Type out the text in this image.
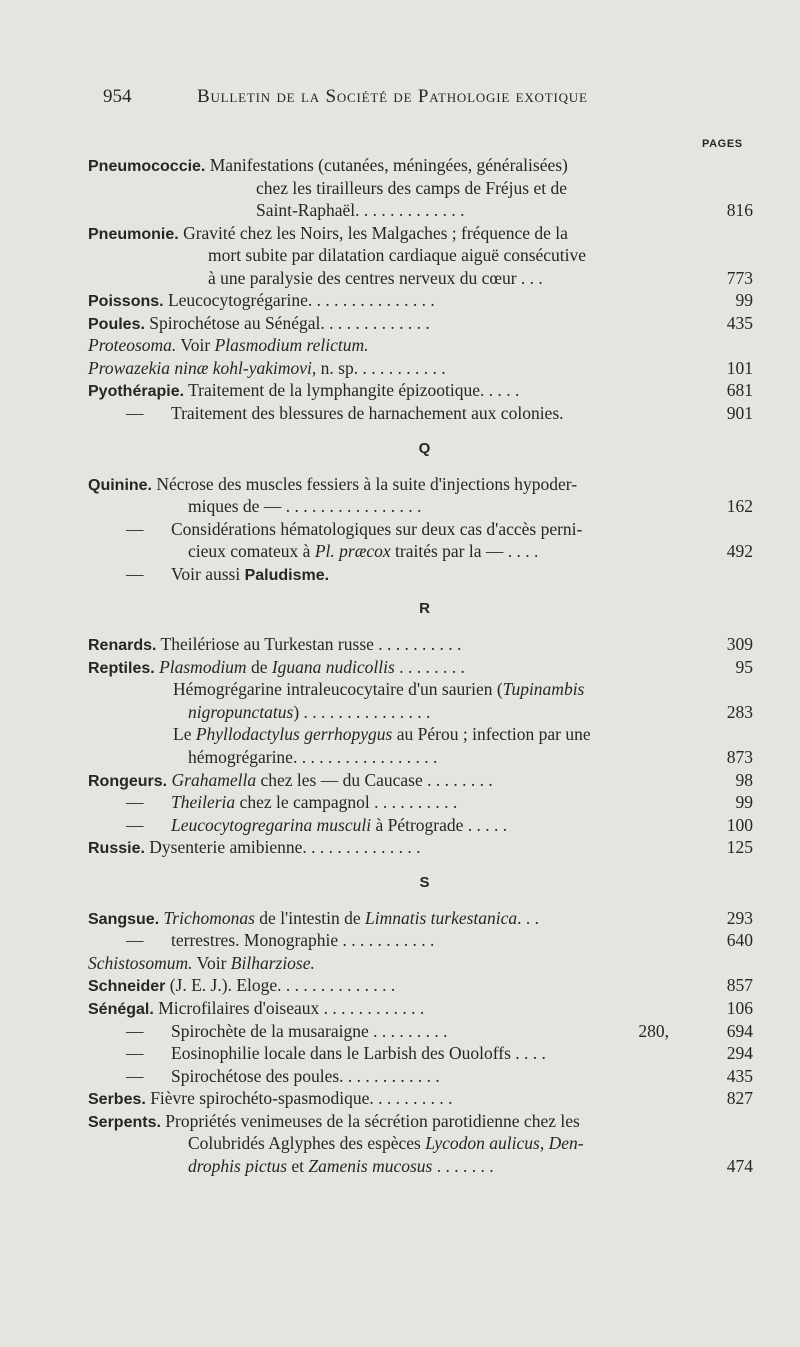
954	Bulletin de la Société de Pathologie exotique
PAGES
Pneumococcie. Manifestations (cutanées, méningées, généralisées)
chez les tirailleurs des camps de Fréjus et de
Saint-Raphaël. . . . . . . . . . . . .	816
Pneumonie. Gravité chez les Noirs, les Malgaches ; fréquence de la
mort subite par dilatation cardiaque aiguë consécutive
à une paralysie des centres nerveux du cœur . . .	773
Poissons. Leucocytogrégarine. . . . . . . . . . . . . . .	99
Poules. Spirochétose au Sénégal. . . . . . . . . . . . .	435
Proteosoma. Voir Plasmodium relictum.
Prowazekia ninæ kohl-yakimovi, n. sp. . . . . . . . . . .	101
Pyothérapie. Traitement de la lymphangite épizootique. . . . .	681
— Traitement des blessures de harnachement aux colonies.	901
Q
Quinine. Nécrose des muscles fessiers à la suite d'injections hypoder-
miques de — . . . . . . . . . . . . . . . .	162
— Considérations hématologiques sur deux cas d'accès perni-
cieux comateux à Pl. præcox traités par la — . . . .	492
— Voir aussi Paludisme.
R
Renards. Theilériose au Turkestan russe . . . . . . . . . .	309
Reptiles. Plasmodium de Iguana nudicollis . . . . . . . .	95
Hémogrégarine intraleucocytaire d'un saurien (Tupinambis
nigropunctatus) . . . . . . . . . . . . . . .	283
Le Phyllodactylus gerrhopygus au Pérou ; infection par une
hémogrégarine. . . . . . . . . . . . . . . . .	873
Rongeurs. Grahamella chez les — du Caucase . . . . . . . .	98
— Theileria chez le campagnol . . . . . . . . . .	99
— Leucocytogregarina musculi à Pétrograde . . . . .	100
Russie. Dysenterie amibienne. . . . . . . . . . . . . .	125
S
Sangsue. Trichomonas de l'intestin de Limnatis turkestanica. . .	293
— terrestres. Monographie . . . . . . . . . . .	640
Schistosomum. Voir Bilharziose.
Schneider (J. E. J.). Eloge. . . . . . . . . . . . . .	857
Sénégal. Microfilaires d'oiseaux . . . . . . . . . . . .	106
— Spirochète de la musaraigne . . . . . . . . .	280,	694
— Eosinophilie locale dans le Larbish des Ouoloffs . . . .	294
— Spirochétose des poules. . . . . . . . . . . .	435
Serbes. Fièvre spirochéto-spasmodique. . . . . . . . . .	827
Serpents. Propriétés venimeuses de la sécrétion parotidienne chez les
Colubridés Aglyphes des espèces Lycodon aulicus, Den-
drophis pictus et Zamenis mucosus . . . . . . .	474
